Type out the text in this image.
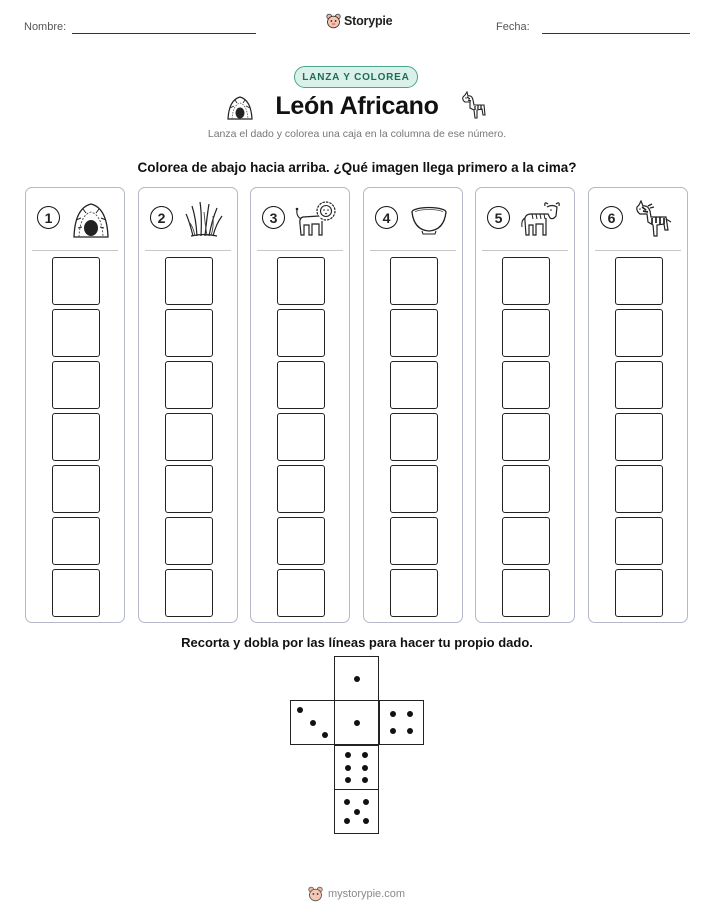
Nombre:	Storypie	Fecha:
LANZA Y COLOREA
León Africano
Lanza el dado y colorea una caja en la columna de ese número.
Colorea de abajo hacia arriba. ¿Qué imagen llega primero a la cima?
1	2	3	4	5	6
Recorta y dobla por las líneas para hacer tu propio dado.
mystorypie.com
